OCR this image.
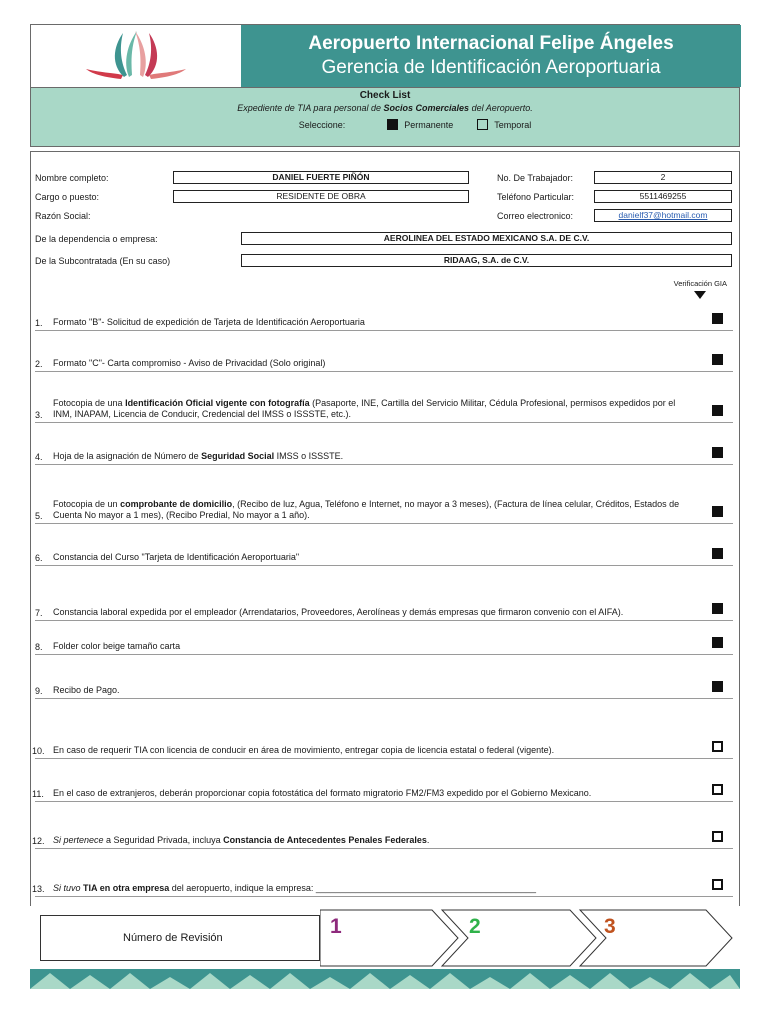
Aeropuerto Internacional Felipe Ángeles
Gerencia de Identificación Aeroportuaria
Check List
Expediente de TIA para personal de Socios Comerciales del Aeropuerto.
Seleccione:	Permanente	Temporal
Nombre completo:	DANIEL FUERTE PIÑÓN
Cargo o puesto:	RESIDENTE DE OBRA
Razón Social:
No. De Trabajador:	2
Teléfono Particular:	5511469255
Correo electronico:	danielf37@hotmail.com
De la dependencia o empresa:	AEROLINEA DEL ESTADO MEXICANO S.A. DE C.V.
De la Subcontratada (En su caso)	RIDAAG, S.A. de C.V.
Verificación GIA
1. Formato "B"- Solicitud de expedición de Tarjeta de Identificación Aeroportuaria
2. Formato "C"- Carta compromiso - Aviso de Privacidad (Solo original)
3.
Fotocopia de una Identificación Oficial vigente con fotografía (Pasaporte, INE, Cartilla del Servicio Militar, Cédula Profesional, permisos expedidos por el INM, INAPAM, Licencia de Conducir, Credencial del IMSS o ISSSTE, etc.).
4. Hoja de la asignación de Número de Seguridad Social IMSS o ISSSTE.
5.
Fotocopia de un comprobante de domicilio, (Recibo de luz, Agua, Teléfono e Internet, no mayor a 3 meses), (Factura de línea celular, Créditos, Estados de Cuenta No mayor a 1 mes), (Recibo Predial, No mayor a 1 año).
6. Constancia del Curso "Tarjeta de Identificación Aeroportuaria"
7. Constancia laboral expedida por el empleador (Arrendatarios, Proveedores, Aerolíneas y demás empresas que firmaron convenio con el AIFA).
8. Folder color beige tamaño carta
9. Recibo de Pago.
10. En caso de requerir TIA con licencia de conducir en área de movimiento, entregar copia de licencia estatal o federal (vigente).
11. En el caso de extranjeros, deberán proporcionar copia fotostática del formato migratorio FM2/FM3 expedido por el Gobierno Mexicano.
12. Si pertenece a Seguridad Privada, incluya Constancia de Antecedentes Penales Federales.
13. Si tuvo TIA en otra empresa del aeropuerto, indique la empresa: ____________________________________________
Número de Revisión	1	2	3
